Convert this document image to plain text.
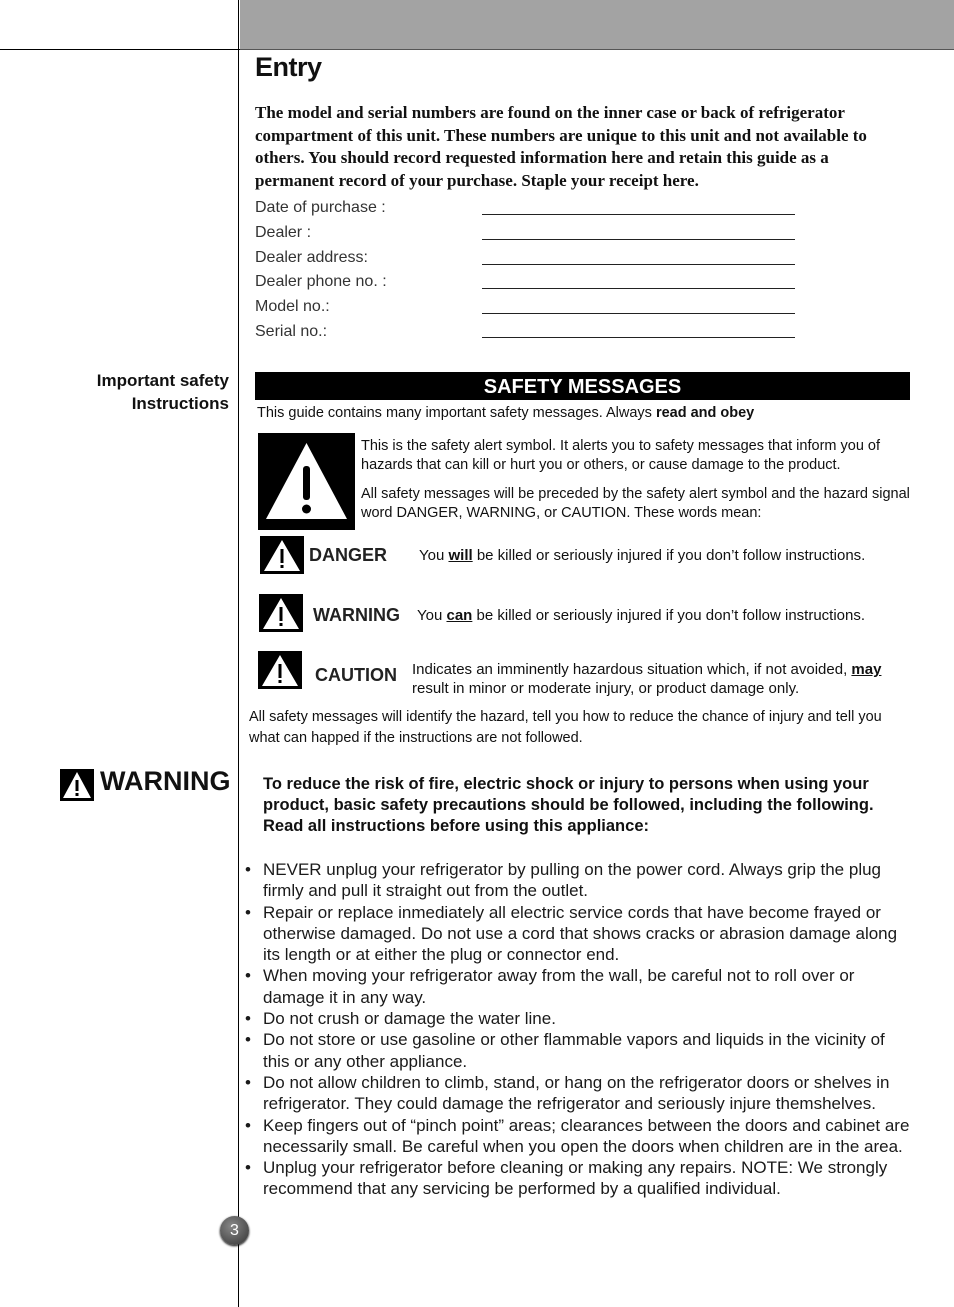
Entry
The model and serial numbers are found on the inner case or back of refrigerator compartment of this unit. These numbers are unique to this unit and not available to others. You should record requested information here and retain this guide as a permanent record of your purchase. Staple your receipt here.
Date of purchase :
Dealer :
Dealer address:
Dealer phone no. :
Model no.:
Serial no.:
Important safety
Instructions
SAFETY MESSAGES
This guide contains many important safety messages. Always read and obey
This is the safety alert symbol. It alerts you to safety messages that inform you of hazards that can kill or hurt you or others, or cause damage to the product.
All safety messages will be preceded by the safety alert symbol and the hazard signal word DANGER, WARNING, or CAUTION. These words mean:
DANGER You will be killed or seriously injured if you don’t follow instructions.
WARNING You can be killed or seriously injured if you don’t follow instructions.
CAUTION Indicates an imminently hazardous situation which, if not avoided, may result in minor or moderate injury, or product damage only.
All safety messages will identify the hazard, tell you how to reduce the chance of injury and tell you what can happed if the instructions are not followed.
WARNING To reduce the risk of fire, electric shock or injury to persons when using your product, basic safety precautions should be followed, including the following. Read all instructions before using this appliance:
• NEVER unplug your refrigerator by pulling on the power cord. Always grip the plug firmly and pull it straight out from the outlet.
• Repair or replace inmediately all electric service cords that have become frayed or otherwise damaged. Do not use a cord that shows cracks or abrasion damage along its length or at either the plug or connector end.
• When moving your refrigerator away from the wall, be careful not to roll over or damage it in any way.
• Do not crush or damage the water line.
• Do not store or use gasoline or other flammable vapors and liquids in the vicinity of this or any other appliance.
• Do not allow children to climb, stand, or hang on the refrigerator doors or shelves in refrigerator. They could damage the refrigerator and seriously injure themshelves.
• Keep fingers out of “pinch point” areas; clearances between the doors and cabinet are necessarily small. Be careful when you open the doors when children are in the area.
• Unplug your refrigerator before cleaning or making any repairs. NOTE: We strongly recommend that any servicing be performed by a qualified individual.
3
